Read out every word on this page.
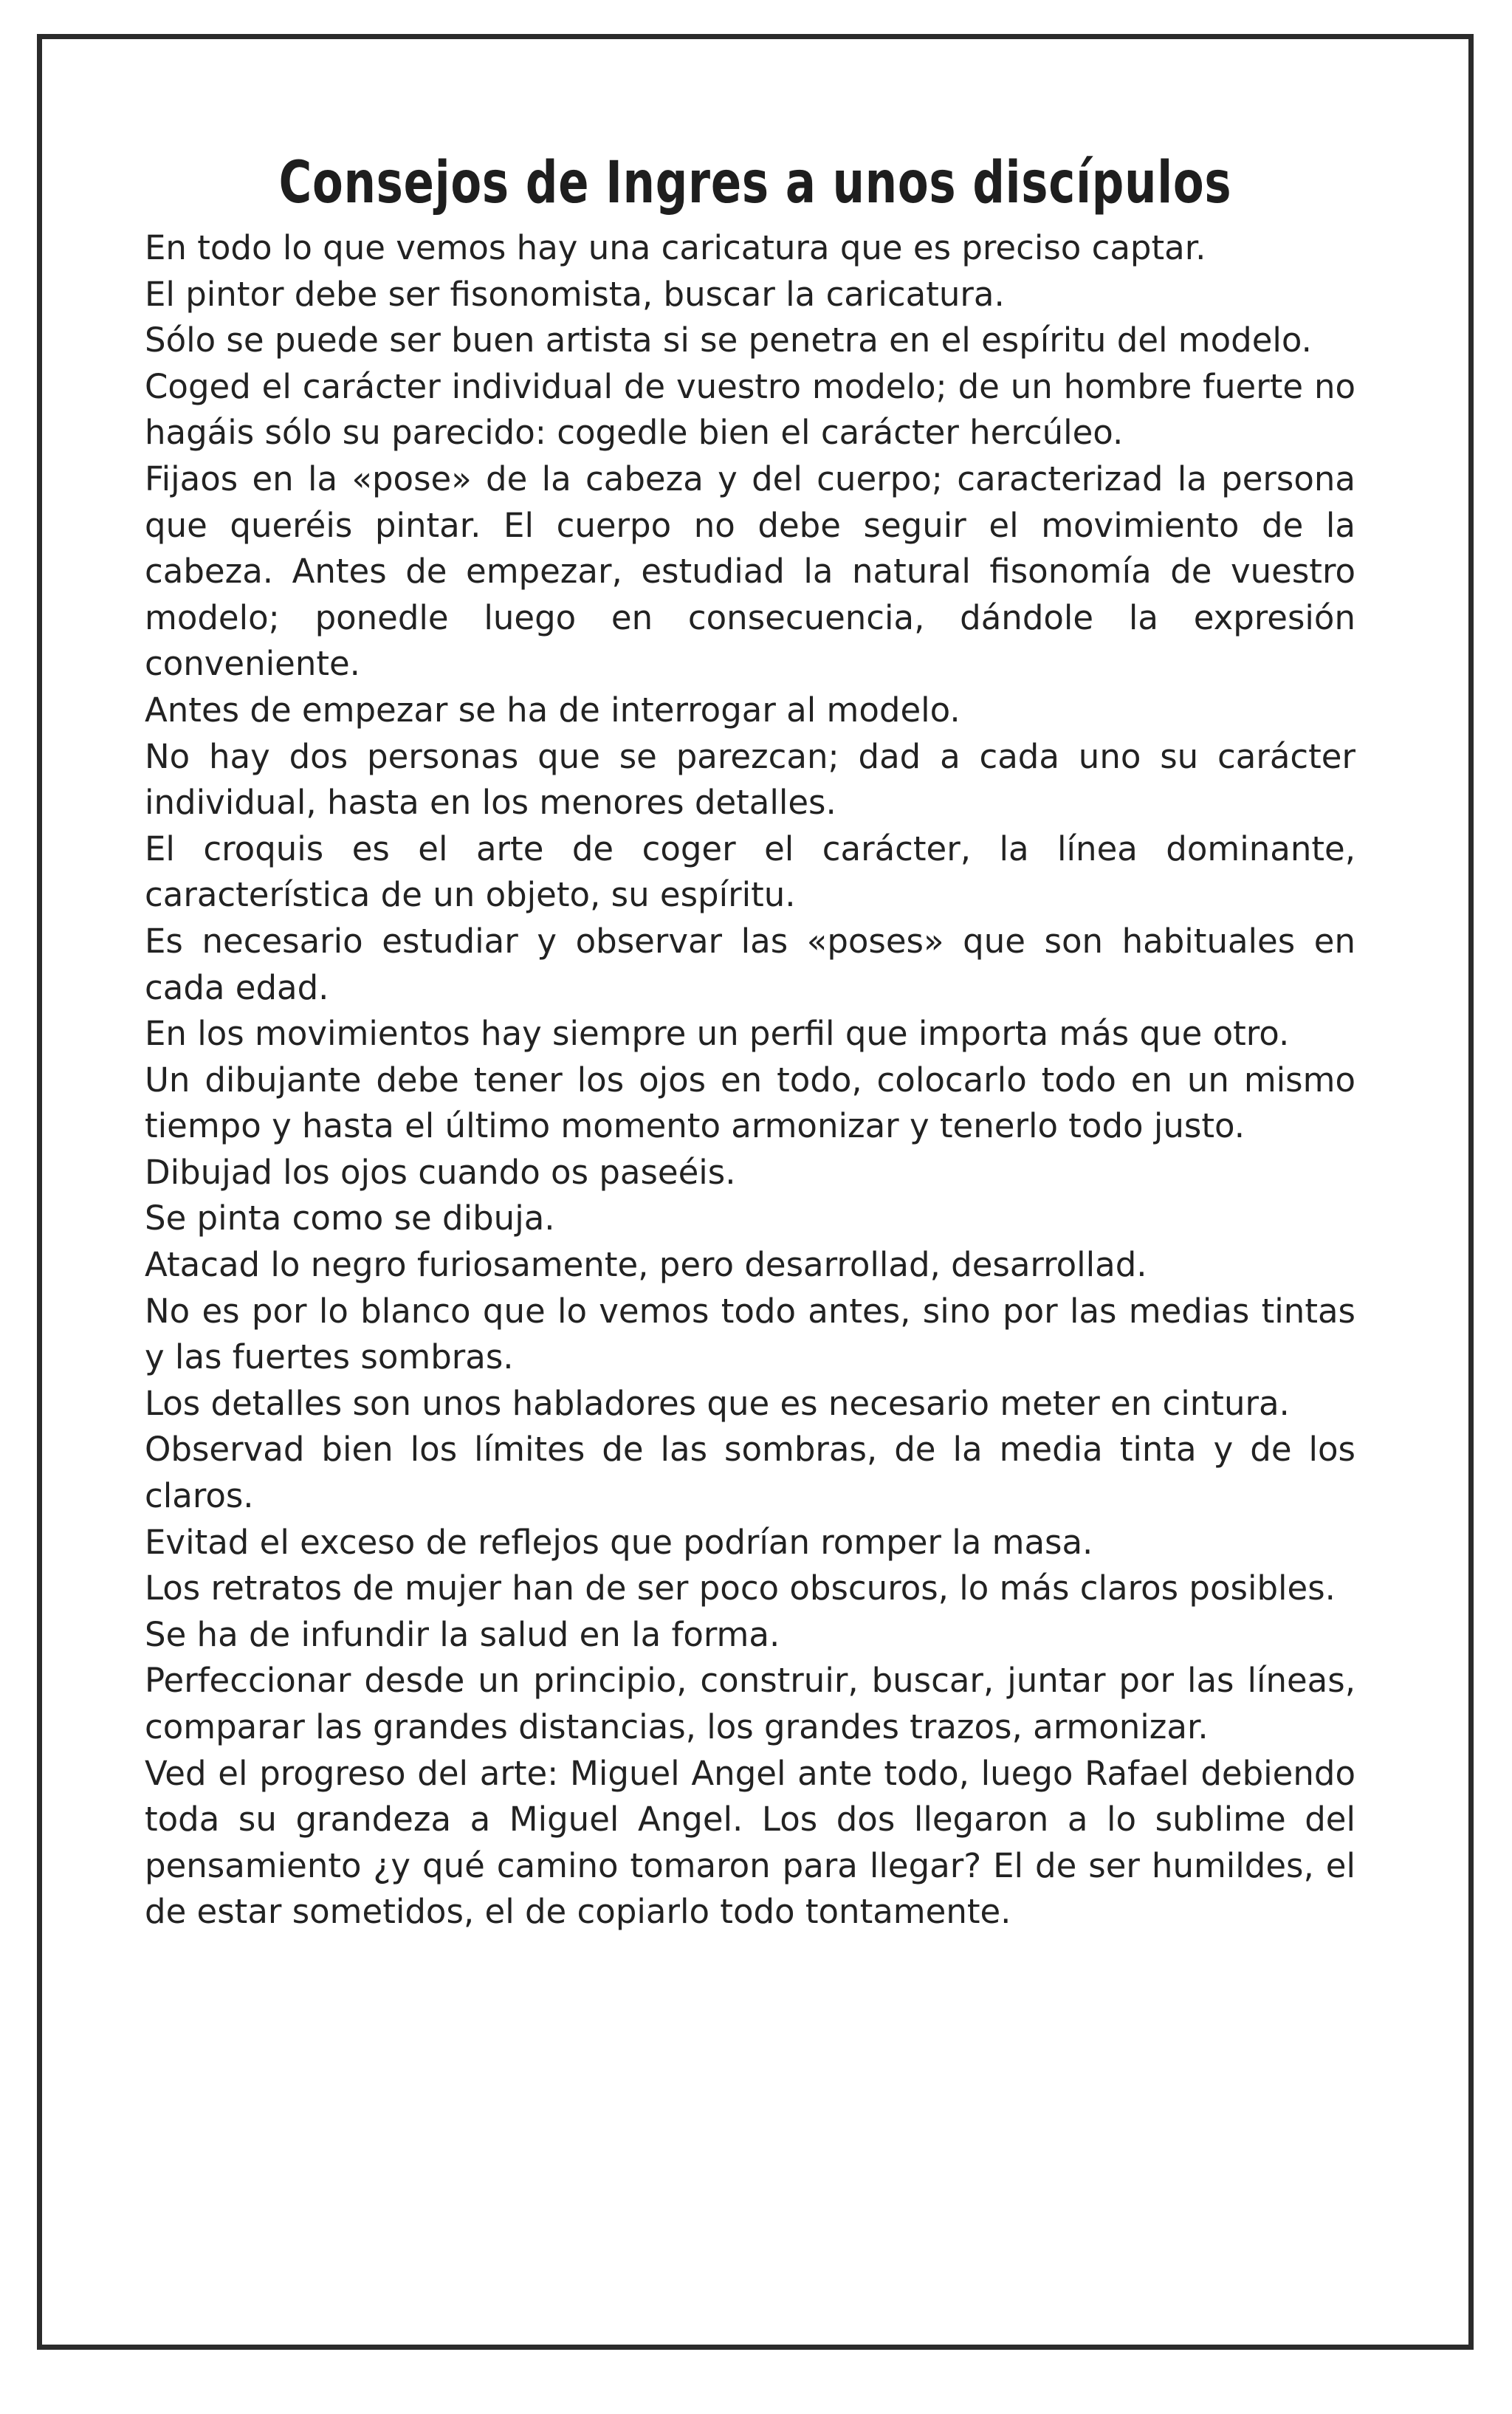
Consejos de Ingres a unos discípulos

En todo lo que vemos hay una caricatura que es preciso captar.

El pintor debe ser fisonomista, buscar la caricatura.

Sólo se puede ser buen artista si se penetra en el espíritu del modelo.

Coged el carácter individual de vuestro modelo; de un hombre fuerte no hagáis sólo su parecido: cogedle bien el carácter hercúleo.

Fijaos en la «pose» de la cabeza y del cuerpo; caracterizad la persona que queréis pintar. El cuerpo no debe seguir el movimiento de la cabeza. Antes de empezar, estudiad la natural fisonomía de vuestro modelo; ponedle luego en consecuencia, dándole la expresión conveniente.

Antes de empezar se ha de interrogar al modelo.

No hay dos personas que se parezcan; dad a cada uno su carácter individual, hasta en los menores detalles.

El croquis es el arte de coger el carácter, la línea dominante, característica de un objeto, su espíritu.

Es necesario estudiar y observar las «poses» que son habituales en cada edad.

En los movimientos hay siempre un perfil que importa más que otro.

Un dibujante debe tener los ojos en todo, colocarlo todo en un mismo tiempo y hasta el último momento armonizar y tenerlo todo justo.

Dibujad los ojos cuando os paseéis.

Se pinta como se dibuja.

Atacad lo negro furiosamente, pero desarrollad, desarrollad.

No es por lo blanco que lo vemos todo antes, sino por las medias tintas y las fuertes sombras.

Los detalles son unos habladores que es necesario meter en cintura.

Observad bien los límites de las sombras, de la media tinta y de los claros.

Evitad el exceso de reflejos que podrían romper la masa.

Los retratos de mujer han de ser poco obscuros, lo más claros posibles.

Se ha de infundir la salud en la forma.

Perfeccionar desde un principio, construir, buscar, juntar por las líneas, comparar las grandes distancias, los grandes trazos, armonizar.

Ved el progreso del arte: Miguel Angel ante todo, luego Rafael debiendo toda su grandeza a Miguel Angel. Los dos llegaron a lo sublime del pensamiento ¿y qué camino tomaron para llegar? El de ser humildes, el de estar sometidos, el de copiarlo todo tontamente.
